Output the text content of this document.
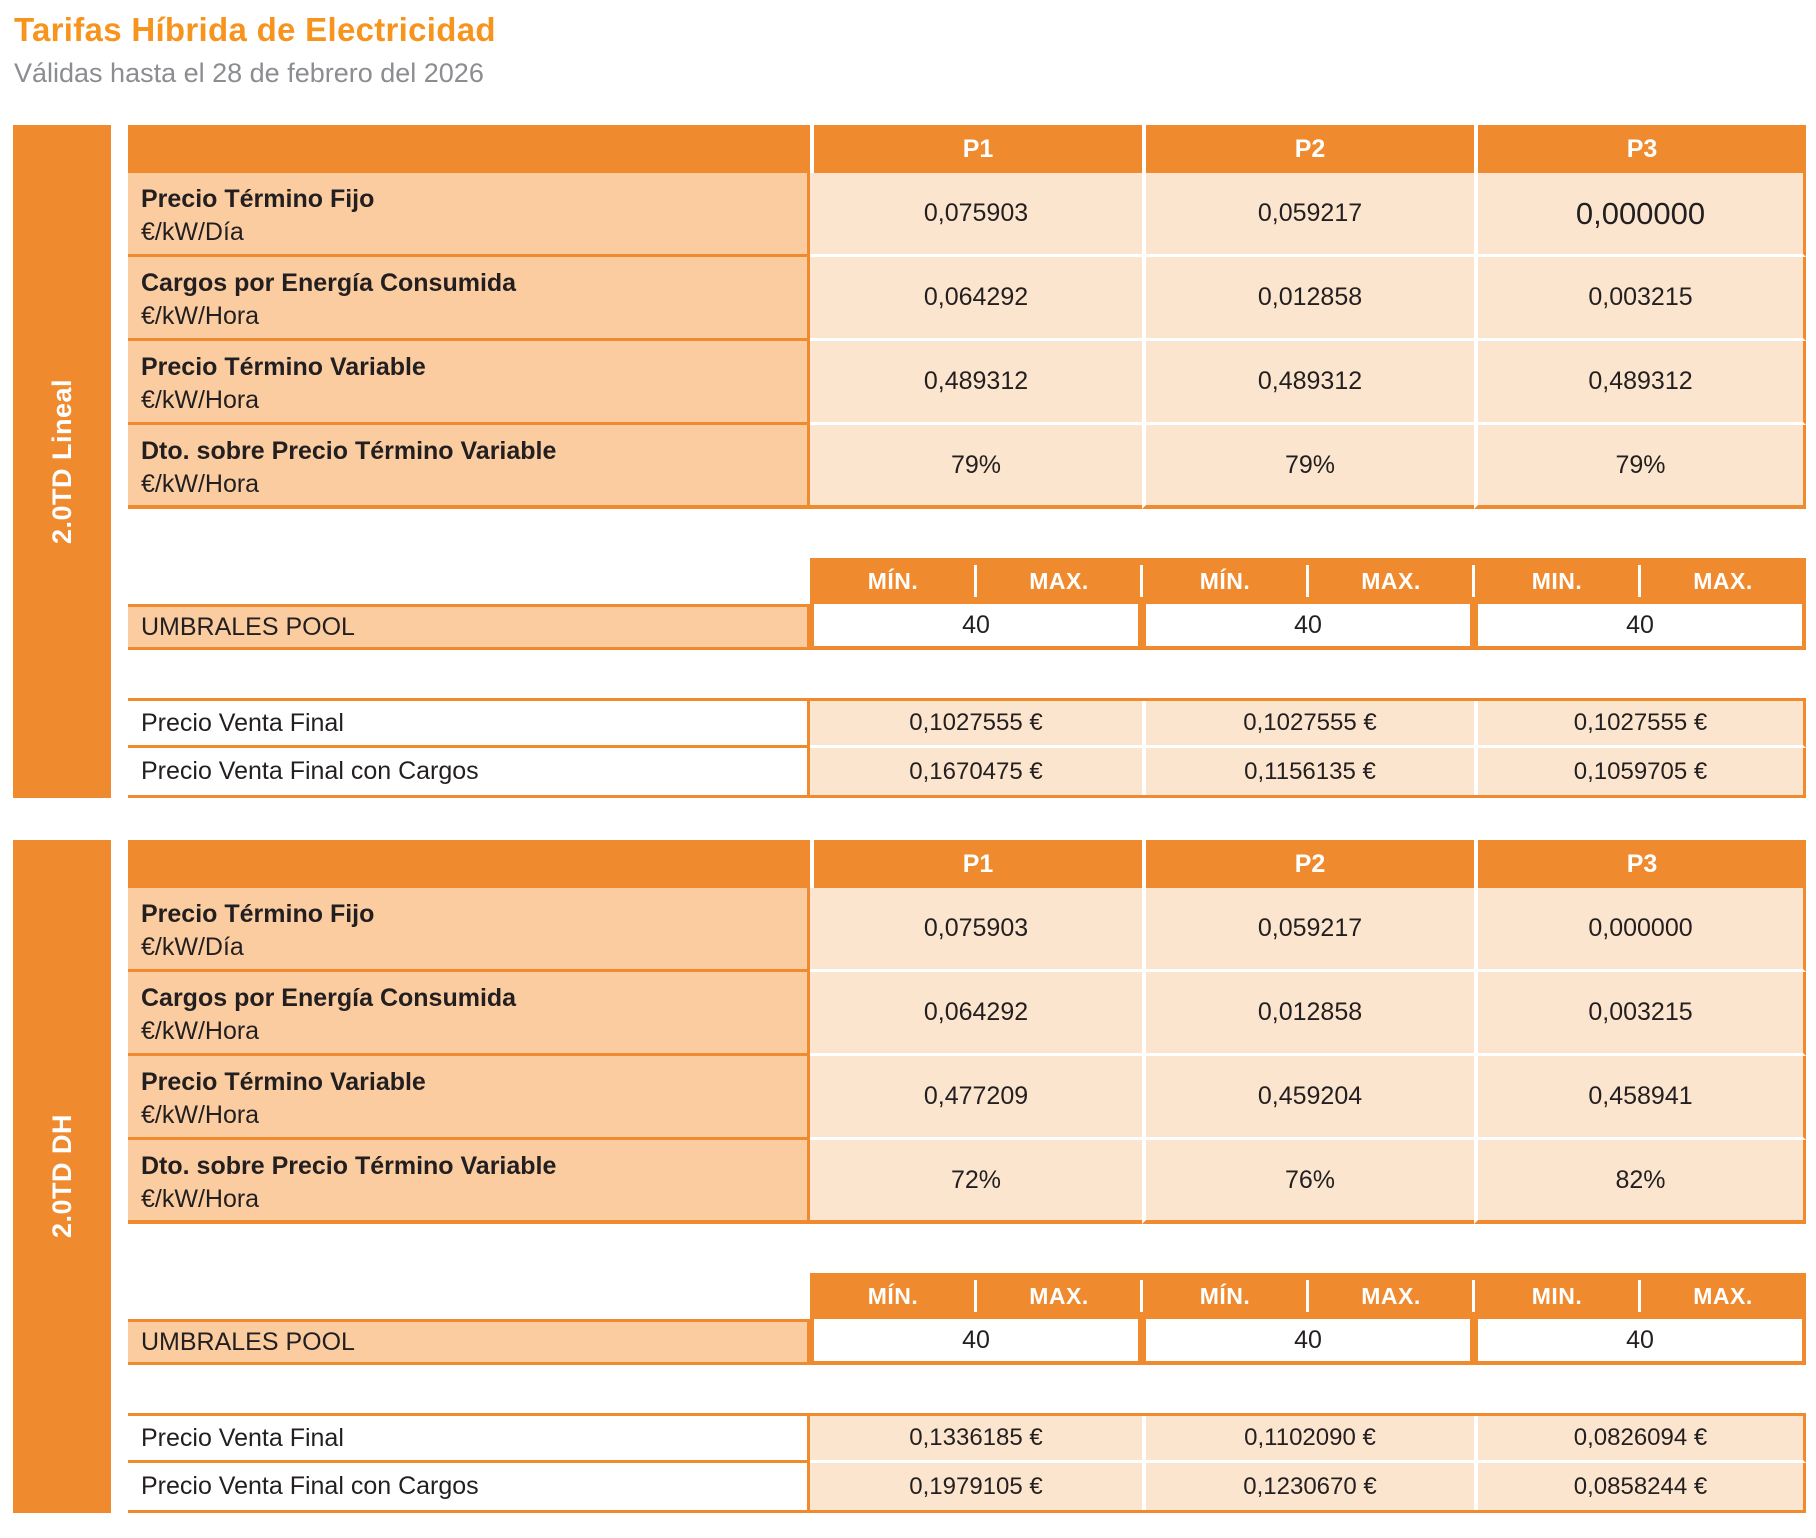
Tarifas Híbrida de Electricidad
Válidas hasta el 28 de febrero del 2026
2.0TD Lineal
P1	P2	P3
Precio Término Fijo
€/kW/Día
0,075903	0,059217	0,000000
Cargos por Energía Consumida
€/kW/Hora
0,064292	0,012858	0,003215
Precio Término Variable
€/kW/Hora
0,489312	0,489312	0,489312
Dto. sobre Precio Término Variable
€/kW/Hora
79%	79%	79%
MÍN.	MAX.	MÍN.	MAX.	MIN.	MAX.
UMBRALES POOL	40	40	40
Precio Venta Final	0,1027555 €	0,1027555 €	0,1027555 €
Precio Venta Final con Cargos	0,1670475 €	0,1156135 €	0,1059705 €
2.0TD DH
P1	P2	P3
Precio Término Fijo
€/kW/Día
0,075903	0,059217	0,000000
Cargos por Energía Consumida
€/kW/Hora
0,064292	0,012858	0,003215
Precio Término Variable
€/kW/Hora
0,477209	0,459204	0,458941
Dto. sobre Precio Término Variable
€/kW/Hora
72%	76%	82%
MÍN.	MAX.	MÍN.	MAX.	MIN.	MAX.
UMBRALES POOL	40	40	40
Precio Venta Final	0,1336185 €	0,1102090 €	0,0826094 €
Precio Venta Final con Cargos	0,1979105 €	0,1230670 €	0,0858244 €
